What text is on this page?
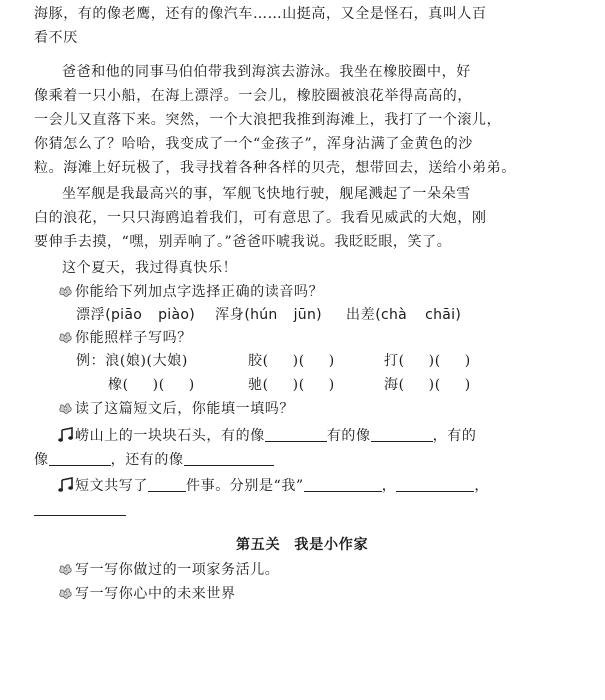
海豚，有的像老鹰，还有的像汽车……山挺高，又全是怪石，真叫人百
看不厌
爸爸和他的同事马伯伯带我到海滨去游泳。我坐在橡胶圈中，好
像乘着一只小船，在海上漂浮。一会儿，橡胶圈被浪花举得高高的，
一会儿又直落下来。突然，一个大浪把我推到海滩上，我打了一个滚儿，
你猜怎么了？哈哈，我变成了一个“金孩子”，浑身沾满了金黄色的沙
粒。海滩上好玩极了，我寻找着各种各样的贝壳，想带回去，送给小弟弟。
坐军舰是我最高兴的事，军舰飞快地行驶，舰尾溅起了一朵朵雪
白的浪花，一只只海鸥追着我们，可有意思了。我看见威武的大炮，刚
要伸手去摸，“嘿，别弄响了。”爸爸吓唬我说。我眨眨眼，笑了。
这个夏天，我过得真快乐！
你能给下列加点字选择正确的读音吗？
漂浮(piāo piào) 浑身(hún jūn) 出差(chà chāi)
你能照样子写吗？
例：浪(娘)(大娘)	胶( )( )	打( )( )
橡( )( )	驰( )( )	海( )( )
读了这篇短文后，你能填一填吗？
崂山上的一块块石头，有的像	有的像	，有的
像	，还有的像
短文共写了	件事。分别是“我”	，	，
第五关 我是小作家
写一写你做过的一项家务活儿。
写一写你心中的未来世界
